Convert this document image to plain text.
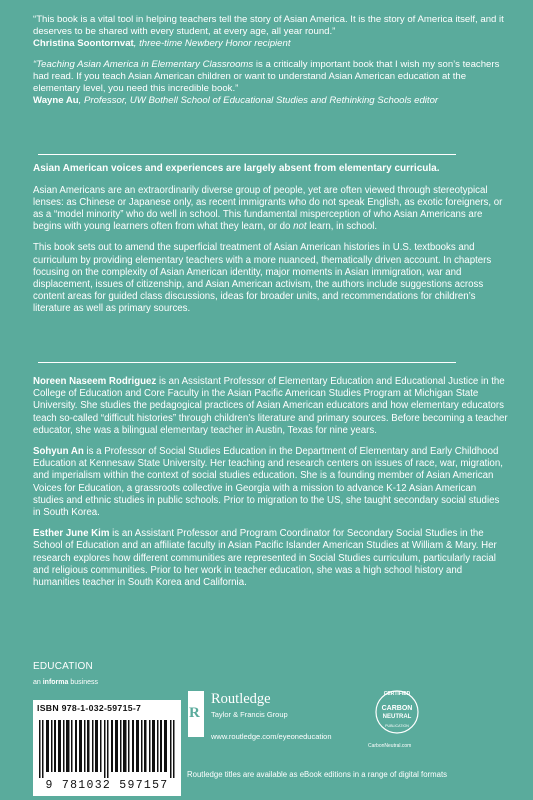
“This book is a vital tool in helping teachers tell the story of Asian America. It is the story of America itself, and it deserves to be shared with every student, at every age, all year round.”

Christina Soontornvat, three-time Newbery Honor recipient

“Teaching Asian America in Elementary Classrooms is a critically important book that I wish my son’s teachers had read. If you teach Asian American children or want to understand Asian American education at the elementary level, you need this incredible book.”

Wayne Au, Professor, UW Bothell School of Educational Studies and Rethinking Schools editor

Asian American voices and experiences are largely absent from elementary curricula.

Asian Americans are an extraordinarily diverse group of people, yet are often viewed through stereotypical lenses: as Chinese or Japanese only, as recent immigrants who do not speak English, as exotic foreigners, or as a “model minority” who do well in school. This fundamental misperception of who Asian Americans are begins with young learners often from what they learn, or do not learn, in school.

This book sets out to amend the superficial treatment of Asian American histories in U.S. textbooks and curriculum by providing elementary teachers with a more nuanced, thematically driven account. In chapters focusing on the complexity of Asian American identity, major moments in Asian immigration, war and displacement, issues of citizenship, and Asian American activism, the authors include suggestions across content areas for guided class discussions, ideas for broader units, and recommendations for children’s literature as well as primary sources.

Noreen Naseem Rodriguez is an Assistant Professor of Elementary Education and Educational Justice in the College of Education and Core Faculty in the Asian Pacific American Studies Program at Michigan State University. She studies the pedagogical practices of Asian American educators and how elementary educators teach so-called “difficult histories” through children’s literature and primary sources. Before becoming a teacher educator, she was a bilingual elementary teacher in Austin, Texas for nine years.

Sohyun An is a Professor of Social Studies Education in the Department of Elementary and Early Childhood Education at Kennesaw State University. Her teaching and research centers on issues of race, war, migration, and imperialism within the context of social studies education. She is a founding member of Asian American Voices for Education, a grassroots collective in Georgia with a mission to advance K-12 Asian American studies and ethnic studies in public schools. Prior to migration to the US, she taught secondary social studies in South Korea.

Esther June Kim is an Assistant Professor and Program Coordinator for Secondary Social Studies in the School of Education and an affiliate faculty in Asian Pacific Islander American Studies at William & Mary. Her research explores how different communities are represented in Social Studies curriculum, particularly racial and religious communities. Prior to her work in teacher education, she was a high school history and humanities teacher in South Korea and California.

EDUCATION

an informa business

ISBN 978-1-032-59715-7
9 781032 597157
R
Routledge
Taylor & Francis Group
www.routledge.com/eyeoneducation
CERTIFIED
CARBON
NEUTRAL
PUBLICATION
CarbonNeutral.com
Routledge titles are available as eBook editions in a range of digital formats
